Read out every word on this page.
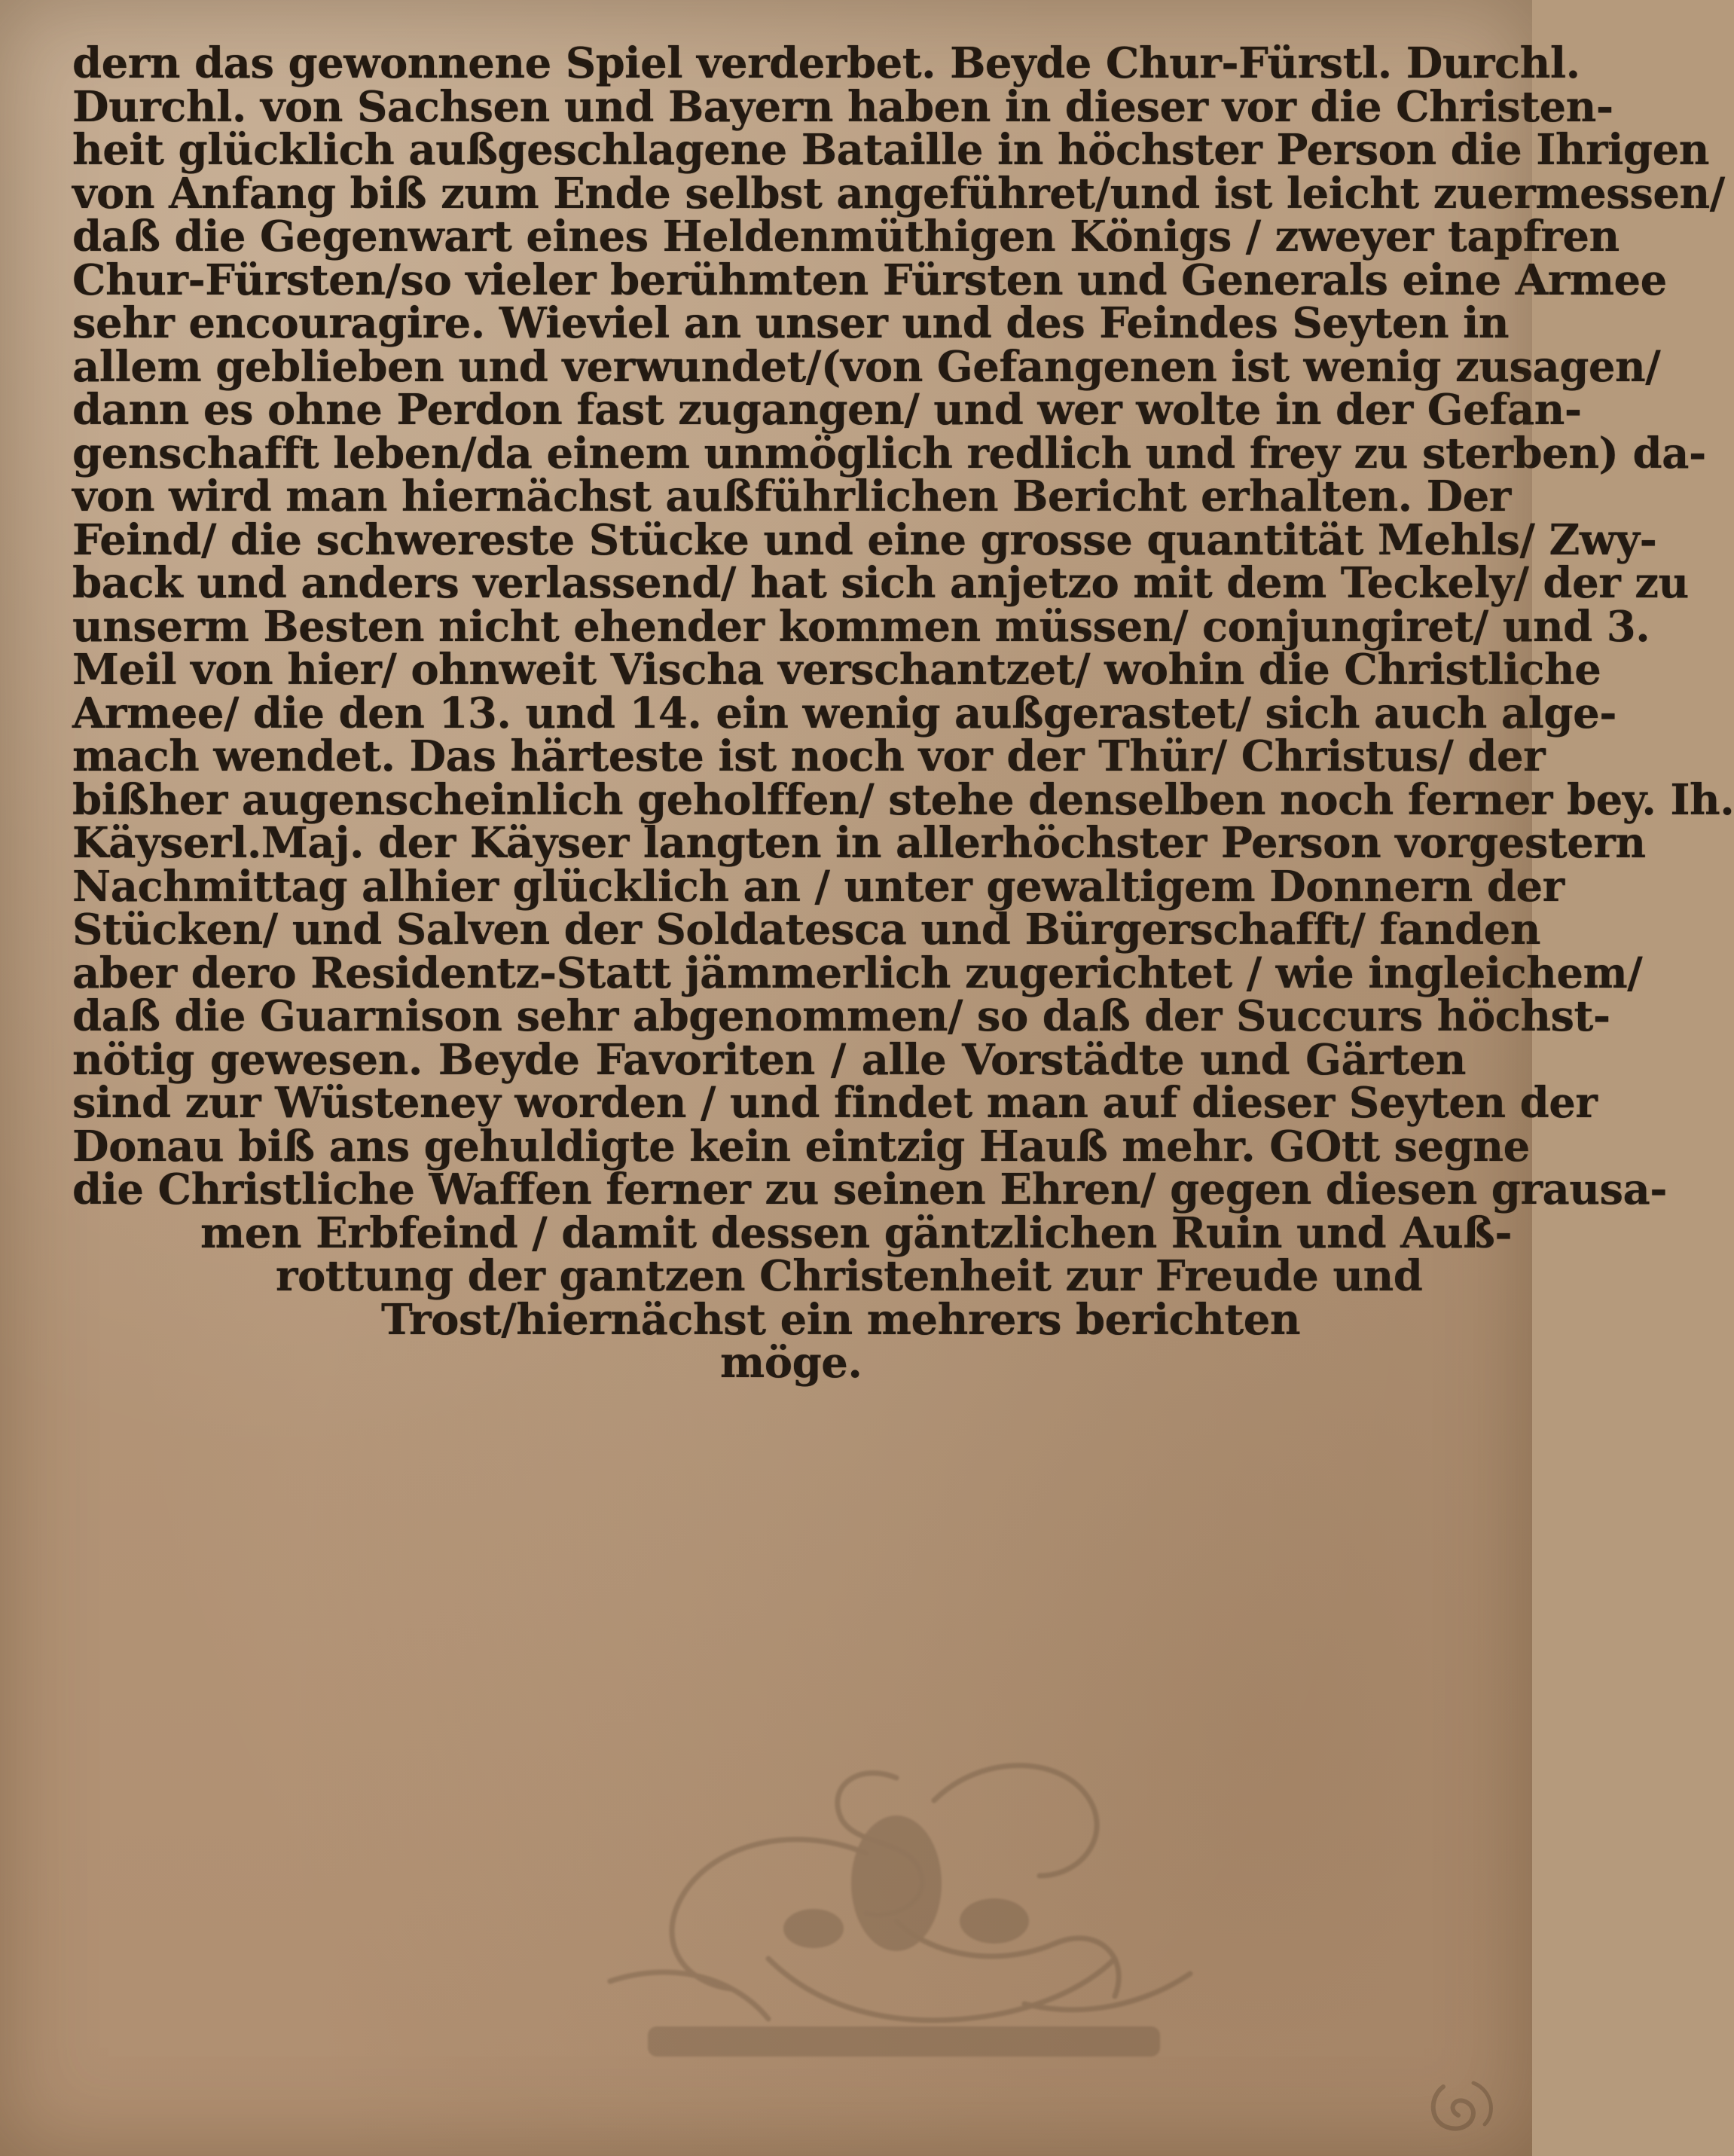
dern das gewonnene Spiel verderbet. Beyde Chur-Fürstl. Durchl.
Durchl. von Sachsen und Bayern haben in dieser vor die Christen-
heit glücklich außgeschlagene Bataille in höchster Person die Ihrigen
von Anfang biß zum Ende selbst angeführet/und ist leicht zuermessen/
daß die Gegenwart eines Heldenmüthigen Königs / zweyer tapfren
Chur-Fürsten/so vieler berühmten Fürsten und Generals eine Armee
sehr encouragire. Wieviel an unser und des Feindes Seyten in
allem geblieben und verwundet/(von Gefangenen ist wenig zusagen/
dann es ohne Perdon fast zugangen/ und wer wolte in der Gefan-
genschafft leben/da einem unmöglich redlich und frey zu sterben) da-
von wird man hiernächst außführlichen Bericht erhalten. Der
Feind/ die schwereste Stücke und eine grosse quantität Mehls/ Zwy-
back und anders verlassend/ hat sich anjetzo mit dem Teckely/ der zu
unserm Besten nicht ehender kommen müssen/ conjungiret/ und 3.
Meil von hier/ ohnweit Vischa verschantzet/ wohin die Christliche
Armee/ die den 13. und 14. ein wenig außgerastet/ sich auch alge-
mach wendet. Das härteste ist noch vor der Thür/ Christus/ der
bißher augenscheinlich geholffen/ stehe denselben noch ferner bey. Ih.
Käyserl.Maj. der Käyser langten in allerhöchster Person vorgestern
Nachmittag alhier glücklich an / unter gewaltigem Donnern der
Stücken/ und Salven der Soldatesca und Bürgerschafft/ fanden
aber dero Residentz-Statt jämmerlich zugerichtet / wie ingleichem/
daß die Guarnison sehr abgenommen/ so daß der Succurs höchst-
nötig gewesen. Beyde Favoriten / alle Vorstädte und Gärten
sind zur Wüsteney worden / und findet man auf dieser Seyten der
Donau biß ans gehuldigte kein eintzig Hauß mehr. GOtt segne
die Christliche Waffen ferner zu seinen Ehren/ gegen diesen grausa-
men Erbfeind / damit dessen gäntzlichen Ruin und Auß-
rottung der gantzen Christenheit zur Freude und
Trost/hiernächst ein mehrers berichten
möge.
